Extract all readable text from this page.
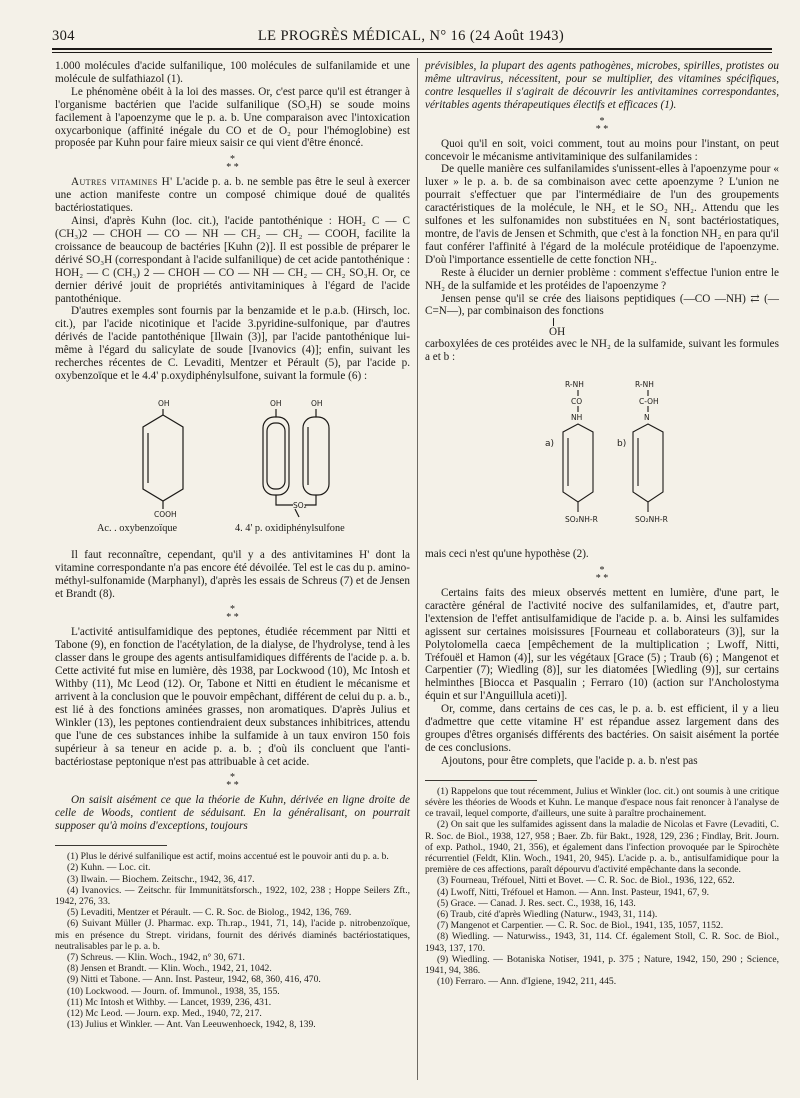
304	LE PROGRÈS MÉDICAL, N° 16 (24 Août 1943)

1.000 molécules d'acide sulfanilique, 100 molécules de sulfanilamide et une molécule de sulfathiazol (1).

Le phénomène obéit à la loi des masses. Or, c'est parce qu'il est étranger à l'organisme bactérien que l'acide sulfanilique (SO₃H) se soude moins facilement à l'apoenzyme que le p. a. b. Une comparaison avec l'intoxication oxycarbonique (affinité inégale du CO et de O₂ pour l'hémoglobine) est proposée par Kuhn pour faire mieux saisir ce qui vient d'être énoncé.

*
* *

Autres vitamines H' L'acide p. a. b. ne semble pas être le seul à exercer une action manifeste contre un composé chimique doué de qualités bactériostatiques.

Ainsi, d'après Kuhn (loc. cit.), l'acide pantothénique : HOH₂ C — C (CH₃)2 — CHOH — CO — NH — CH₂ — CH₂ — COOH, facilite la croissance de beaucoup de bactéries [Kuhn (2)]. Il est possible de préparer le dérivé SO₃H (correspondant à l'acide sulfanilique) de cet acide pantothénique : HOH₂ — C (CH₃) 2 — CHOH — CO — NH — CH₂ — CH₂ SO₃H. Or, ce dernier dérivé jouit de propriétés antivitaminiques à l'égard de l'acide pantothénique.

D'autres exemples sont fournis par la benzamide et le p.a.b. (Hirsch, loc. cit.), par l'acide nicotinique et l'acide 3.pyridine-sulfonique, par d'autres dérivés de l'acide pantothénique [Ilwain (3)], par l'acide pantothénique lui-même à l'égard du salicylate de soude [Ivanovics (4)]; enfin, suivant les recherches récentes de C. Levaditi, Mentzer et Pérault (5), par l'acide p. oxybenzoïque et le 4.4' p.oxydiphénylsulfone, suivant la formule (6) :

OH
COOH
OH	OH
SO₂
Ac. . oxybenzoïque	4. 4' p. oxidiphénylsulfone

Il faut reconnaître, cependant, qu'il y a des antivitamines H' dont la vitamine correspondante n'a pas encore été dévoilée. Tel est le cas du p. amino-méthyl-sulfonamide (Marphanyl), d'après les essais de Schreus (7) et de Jensen et Brandt (8).

*
* *

L'activité antisulfamidique des peptones, étudiée récemment par Nitti et Tabone (9), en fonction de l'acétylation, de la dialyse, de l'hydrolyse, tend à les classer dans le groupe des agents antisulfamidiques différents de l'acide p. a. b. Cette activité fut mise en lumière, dès 1938, par Lockwood (10), Mc Intosh et Withby (11), Mc Leod (12). Or, Tabone et Nitti en étudient le mécanisme et arrivent à la conclusion que le pouvoir empêchant, différent de celui du p. a. b., est lié à des fonctions aminées grasses, non aromatiques. D'après Julius et Winkler (13), les peptones contiendraient deux substances inhibitrices, attendu que l'une de ces substances inhibe la sulfamide à un taux environ 150 fois supérieur à sa teneur en acide p. a. b. ; d'où ils concluent que l'anti-bactériostase peptonique n'est pas attribuable à cet acide.

*
* *

On saisit aisément ce que la théorie de Kuhn, dérivée en ligne droite de celle de Woods, contient de séduisant. En la généralisant, on pourrait supposer qu'à moins d'exceptions, toujours

(1) Plus le dérivé sulfanilique est actif, moins accentué est le pouvoir anti du p. a. b.

(2) Kuhn. — Loc. cit.

(3) Ilwain. — Biochem. Zeitschr., 1942, 36, 417.

(4) Ivanovics. — Zeitschr. für Immunitätsforsch., 1922, 102, 238 ; Hoppe Seilers Zft., 1942, 276, 33.

(5) Levaditi, Mentzer et Pérault. — C. R. Soc. de Biolog., 1942, 136, 769.

(6) Suivant Müller (J. Pharmac. exp. Th.rap., 1941, 71, 14), l'acide p. nitrobenzoïque, mis en présence du Strept. viridans, fournit des dérivés diaminés bactériostatiques, neutralisables par le p. a. b.

(7) Schreus. — Klin. Woch., 1942, n° 30, 671.

(8) Jensen et Brandt. — Klin. Woch., 1942, 21, 1042.

(9) Nitti et Tabone. — Ann. Inst. Pasteur, 1942, 68, 360, 416, 470.

(10) Lockwood. — Journ. of. Immunol., 1938, 35, 155.

(11) Mc Intosh et Withby. — Lancet, 1939, 236, 431.

(12) Mc Leod. — Journ. exp. Med., 1940, 72, 217.

(13) Julius et Winkler. — Ant. Van Leeuwenhoeck, 1942, 8, 139.

prévisibles, la plupart des agents pathogènes, microbes, spirilles, protistes ou même ultravirus, nécessitent, pour se multiplier, des vitamines spécifiques, contre lesquelles il s'agirait de découvrir les antivitamines correspondantes, véritables agents thérapeutiques électifs et efficaces (1).

*
* *

Quoi qu'il en soit, voici comment, tout au moins pour l'instant, on peut concevoir le mécanisme antivitaminique des sulfanilamides :

De quelle manière ces sulfanilamides s'unissent-elles à l'apoenzyme pour « luxer » le p. a. b. de sa combinaison avec cette apoenzyme ? L'union ne pourrait s'effectuer que par l'intermédiaire de l'un des groupements caractéristiques de la molécule, le NH₂ et le SO₂ NH₂. Attendu que les sulfones et les sulfonamides non substituées en N₁ sont bactériostatiques, montre, de l'avis de Jensen et Schmith, que c'est à la fonction NH₂ en para qu'il faut conférer l'affinité à l'égard de la molécule protéidique de l'apoenzyme. D'où l'importance essentielle de cette fonction NH₂.

Reste à élucider un dernier problème : comment s'effectue l'union entre le NH₂ de la sulfamide et les protéides de l'apoenzyme ?

Jensen pense qu'il se crée des liaisons peptidiques (—CO —NH) ⇄ (—C=N—), par combinaison des fonctions

OH

carboxylées de ces protéides avec le NH₂ de la sulfamide, suivant les formules a et b :

R-NH
CO
NH
a)
SO₂NH-R
R-NH
C-OH
N
b)
SO₂NH-R

mais ceci n'est qu'une hypothèse (2).

*
* *

Certains faits des mieux observés mettent en lumière, d'une part, le caractère général de l'activité nocive des sulfanilamides, et, d'autre part, l'extension de l'effet antisulfamidique de l'acide p. a. b. Ainsi les sulfamides agissent sur certaines moisissures [Fourneau et collaborateurs (3)], sur la Polytolomella caeca [empêchement de la multiplication ; Lwoff, Nitti, Tréfouël et Hamon (4)], sur les végétaux [Grace (5) ; Traub (6) ; Mangenot et Carpentier (7); Wiedling (8)], sur les diatomées [Wiedling (9)], sur certains helminthes [Biocca et Pasqualin ; Ferraro (10) (action sur l'Ancholostyma équin et sur l'Anguillula aceti)].

Or, comme, dans certains de ces cas, le p. a. b. est efficient, il y a lieu d'admettre que cette vitamine H' est répandue assez largement dans des groupes d'êtres organisés différents des bactéries. On saisit aisément la portée de ces conclusions.

Ajoutons, pour être complets, que l'acide p. a. b. n'est pas

(1) Rappelons que tout récemment, Julius et Winkler (loc. cit.) ont soumis à une critique sévère les théories de Woods et Kuhn. Le manque d'espace nous fait renoncer à l'analyse de ce travail, lequel comporte, d'ailleurs, une suite à paraître prochainement.

(2) On sait que les sulfamides agissent dans la maladie de Nicolas et Favre (Levaditi, C. R. Soc. de Biol., 1938, 127, 958 ; Baer. Zb. für Bakt., 1928, 129, 236 ; Findlay, Brit. Journ. of exp. Pathol., 1940, 21, 356), et également dans l'infection provoquée par le Spirochète récurrentiel (Feldt, Klin. Woch., 1941, 20, 945). L'acide p. a. b., antisulfamidique pour la première de ces affections, paraît dépourvu d'activité empêchante dans la seconde.

(3) Fourneau, Tréfouel, Nitti et Bovet. — C. R. Soc. de Biol., 1936, 122, 652.

(4) Lwoff, Nitti, Tréfouel et Hamon. — Ann. Inst. Pasteur, 1941, 67, 9.

(5) Grace. — Canad. J. Res. sect. C., 1938, 16, 143.

(6) Traub, cité d'après Wiedling (Naturw., 1943, 31, 114).

(7) Mangenot et Carpentier. — C. R. Soc. de Biol., 1941, 135, 1057, 1152.

(8) Wiedling. — Naturwiss., 1943, 31, 114. Cf. également Stoll, C. R. Soc. de Biol., 1943, 137, 170.

(9) Wiedling. — Botaniska Notiser, 1941, p. 375 ; Nature, 1942, 150, 290 ; Science, 1941, 94, 386.

(10) Ferraro. — Ann. d'Igiene, 1942, 211, 445.
